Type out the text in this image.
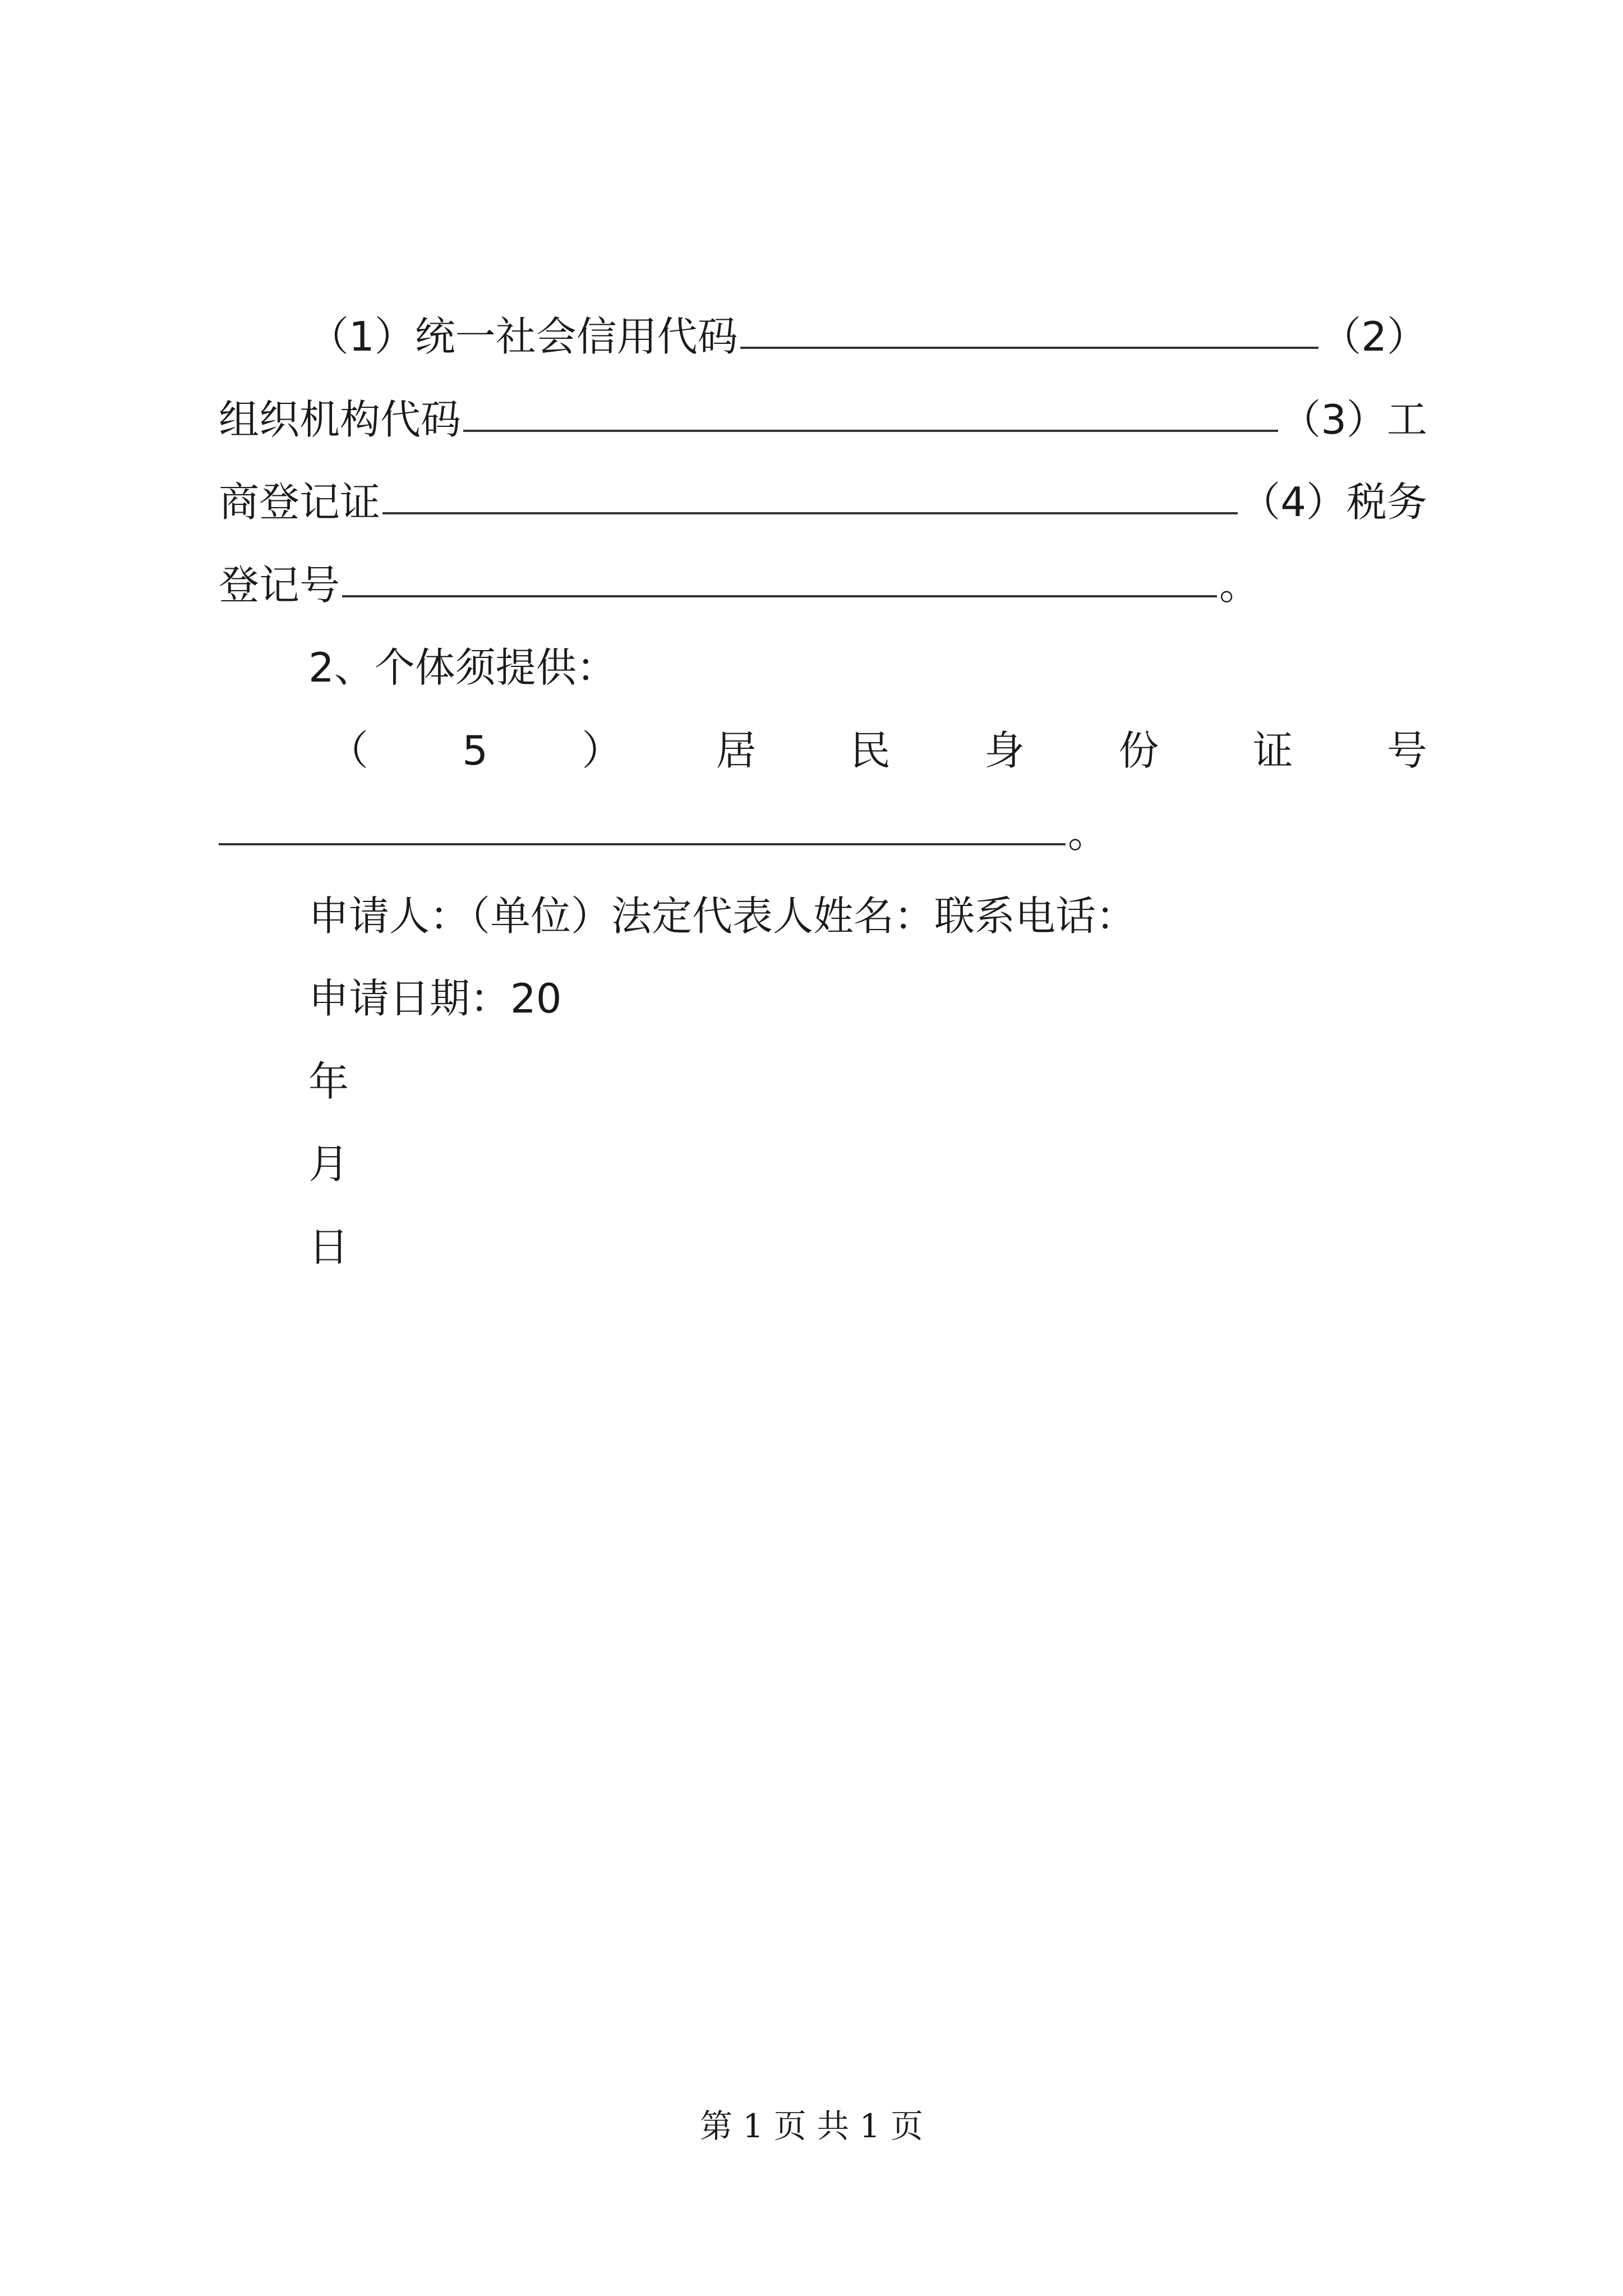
（1）统一社会信用代码	（2）
组织机构代码	（3）工
商登记证	（4）税务
登记号	。
2、个体须提供：
（ 5 ） 居 民 身 份 证 号
。
申请人：（单位）法定代表人姓名：联系电话：
申请日期：20
年
月
日
第 1 页 共 1 页
